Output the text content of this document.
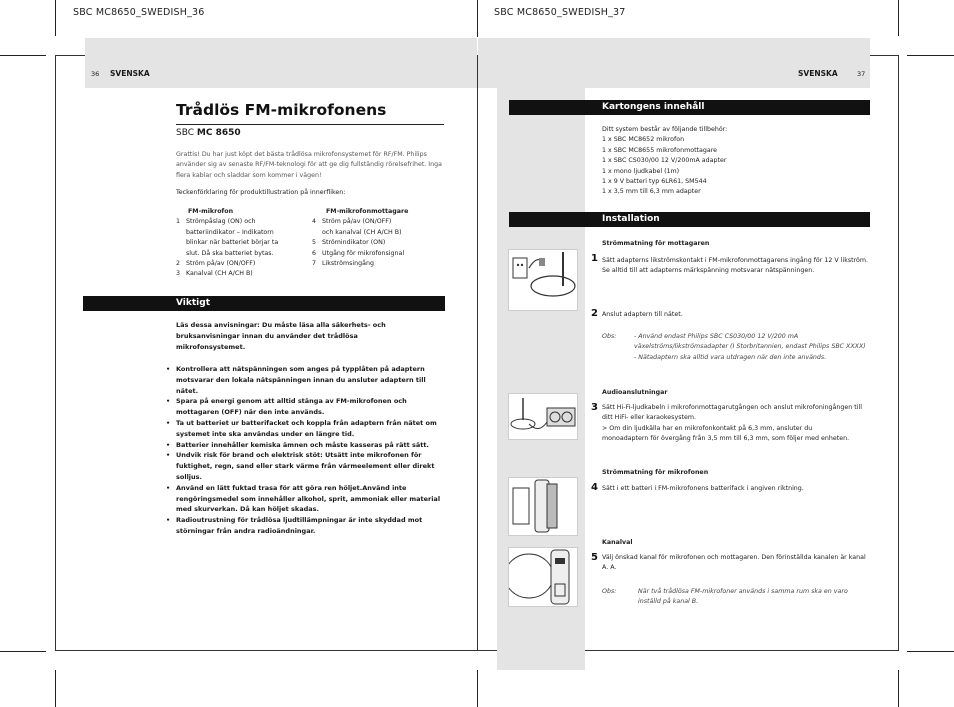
SBC MC8650_SWEDISH_36	SBC MC8650_SWEDISH_37
36 SVENSKA	SVENSKA	37
Trådlös FM-mikrofonens
SBC MC 8650
Grattis! Du har just köpt det bästa trådlösa mikrofonsystemet för RF/FM. Philips använder sig av senaste RF/FM-teknologi för att ge dig fullständig rörelsefrihet. Inga flera kablar och sladdar som kommer i vägen!
Teckenförklaring för produktillustration på innerfliken:
FM-mikrofon
1 Strömpåslag (ON) och
batteriindikator – Indikatorn
blinkar när batteriet börjar ta
slut. Då ska batteriet bytas.
2 Ström på/av (ON/OFF)
3 Kanalval (CH A/CH B)
FM-mikrofonmottagare
4 Ström på/av (ON/OFF)
och kanalval (CH A/CH B)
5 Strömindikator (ON)
6 Utgång för mikrofonsignal
7 Likströmsingång
Viktigt
Läs dessa anvisningar: Du måste läsa alla säkerhets- och bruksanvisningar innan du använder det trådlösa mikrofonsystemet.
• Kontrollera att nätspänningen som anges på typplåten på adaptern motsvarar den lokala nätspänningen innan du ansluter adaptern till nätet.
• Spara på energi genom att alltid stänga av FM-mikrofonen och mottagaren (OFF) när den inte används.
• Ta ut batteriet ur batterifacket och koppla från adaptern från nätet om systemet inte ska användas under en längre tid.
• Batterier innehåller kemiska ämnen och måste kasseras på rätt sätt.
• Undvik risk för brand och elektrisk stöt: Utsätt inte mikrofonen för fuktighet, regn, sand eller stark värme från värmeelement eller direkt solljus.
• Använd en lätt fuktad trasa för att göra ren höljet.Använd inte rengöringsmedel som innehåller alkohol, sprit, ammoniak eller material med skurverkan. Då kan höljet skadas.
• Radioutrustning för trådlösa ljudtillämpningar är inte skyddad mot störningar från andra radioändningar.
Kartongens innehåll
Ditt system består av följande tillbehör:
1 x SBC MC8652 mikrofon
1 x SBC MC8655 mikrofonmottagare
1 x SBC CS030/00 12 V/200mA adapter
1 x mono ljudkabel (1m)
1 x 9 V batteri typ 6LR61, SM544
1 x 3,5 mm till 6,3 mm adapter
Installation
Strömmatning för mottagaren
1 Sätt adapterns likströmskontakt i FM-mikrofonmottagarens ingång för 12 V likström. Se alltid till att adapterns märkspänning motsvarar nätspänningen.
2 Anslut adaptern till nätet.
Obs:	- Använd endast Philips SBC CS030/00 12 V/200 mA växelströms/likströmsadapter (I Storbritannien, endast Philips SBC XXXX)
- Nätadaptern ska alltid vara utdragen när den inte används.
Audioanslutningar
3 Sätt Hi-Fi-ljudkabeln i mikrofonmottagarutgången och anslut mikrofoningången till ditt HiFi- eller karaokesystem.
> Om din ljudkälla har en mikrofonkontakt på 6,3 mm, ansluter du monoadaptern för övergång från 3,5 mm till 6,3 mm, som följer med enheten.
Strömmatning för mikrofonen
4 Sätt i ett batteri i FM-mikrofonens batterifack i angiven riktning.
Kanalval
5 Välj önskad kanal för mikrofonen och mottagaren. Den förinställda kanalen är kanal A. A.
Obs:	När två trådlösa FM-mikrofoner används i samma rum ska en varo inställd på kanal B.
